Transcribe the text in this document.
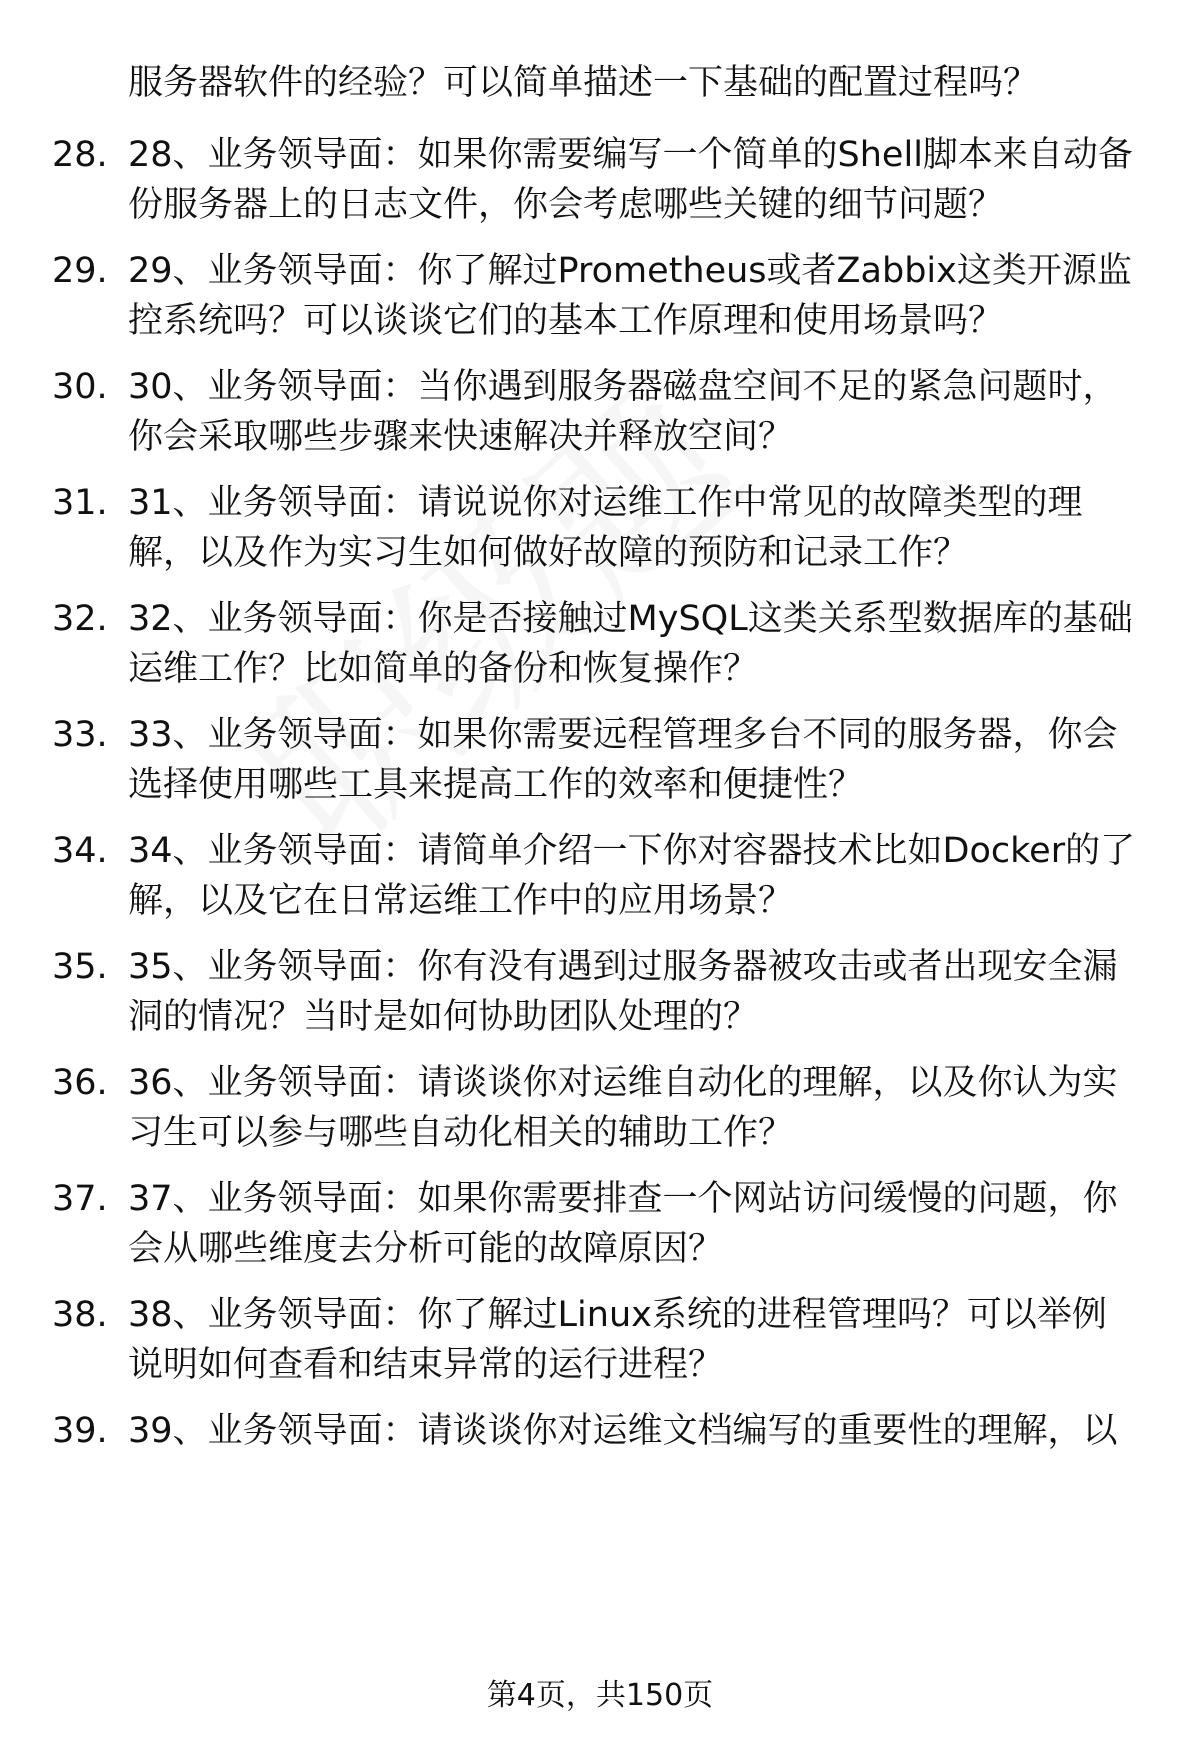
服务器软件的经验？可以简单描述一下基础的配置过程吗？
28. 28、业务领导面：如果你需要编写一个简单的Shell脚本来自动备
份服务器上的日志文件，你会考虑哪些关键的细节问题？
29. 29、业务领导面：你了解过Prometheus或者Zabbix这类开源监
控系统吗？可以谈谈它们的基本工作原理和使用场景吗？
30. 30、业务领导面：当你遇到服务器磁盘空间不足的紧急问题时，
你会采取哪些步骤来快速解决并释放空间？
31. 31、业务领导面：请说说你对运维工作中常见的故障类型的理
解，以及作为实习生如何做好故障的预防和记录工作？
32. 32、业务领导面：你是否接触过MySQL这类关系型数据库的基础
运维工作？比如简单的备份和恢复操作？
33. 33、业务领导面：如果你需要远程管理多台不同的服务器，你会
选择使用哪些工具来提高工作的效率和便捷性？
34. 34、业务领导面：请简单介绍一下你对容器技术比如Docker的了
解，以及它在日常运维工作中的应用场景？
35. 35、业务领导面：你有没有遇到过服务器被攻击或者出现安全漏
洞的情况？当时是如何协助团队处理的？
36. 36、业务领导面：请谈谈你对运维自动化的理解，以及你认为实
习生可以参与哪些自动化相关的辅助工作？
37. 37、业务领导面：如果你需要排查一个网站访问缓慢的问题，你
会从哪些维度去分析可能的故障原因？
38. 38、业务领导面：你了解过Linux系统的进程管理吗？可以举例
说明如何查看和结束异常的运行进程？
39. 39、业务领导面：请谈谈你对运维文档编写的重要性的理解，以
第4页，共150页
